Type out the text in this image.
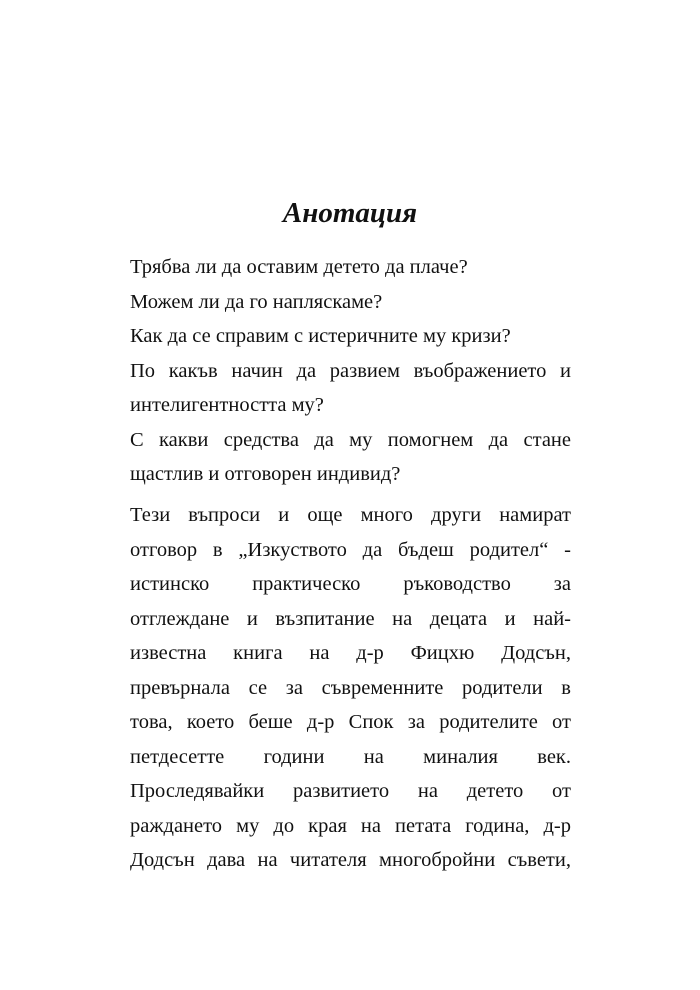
Анотация

Трябва ли да оставим детето да плаче?

Можем ли да го напляскаме?

Как да се справим с истеричните му кризи?

По какъв начин да развием въображението и интелигентността му?

С какви средства да му помогнем да стане щастлив и отговорен индивид?

Тези въпроси и още много други намират
отговор в „Изкуството да бъдеш родител“ -
истинско практическо ръководство за
отглеждане и възпитание на децата и най-
известна книга на д-р Фицхю Додсън,
превърнала се за съвременните родители в
това, което беше д-р Спок за родителите от
петдесетте години на миналия век.
Проследявайки развитието на детето от
раждането му до края на петата година, д-р
Додсън дава на читателя многобройни съвети,
